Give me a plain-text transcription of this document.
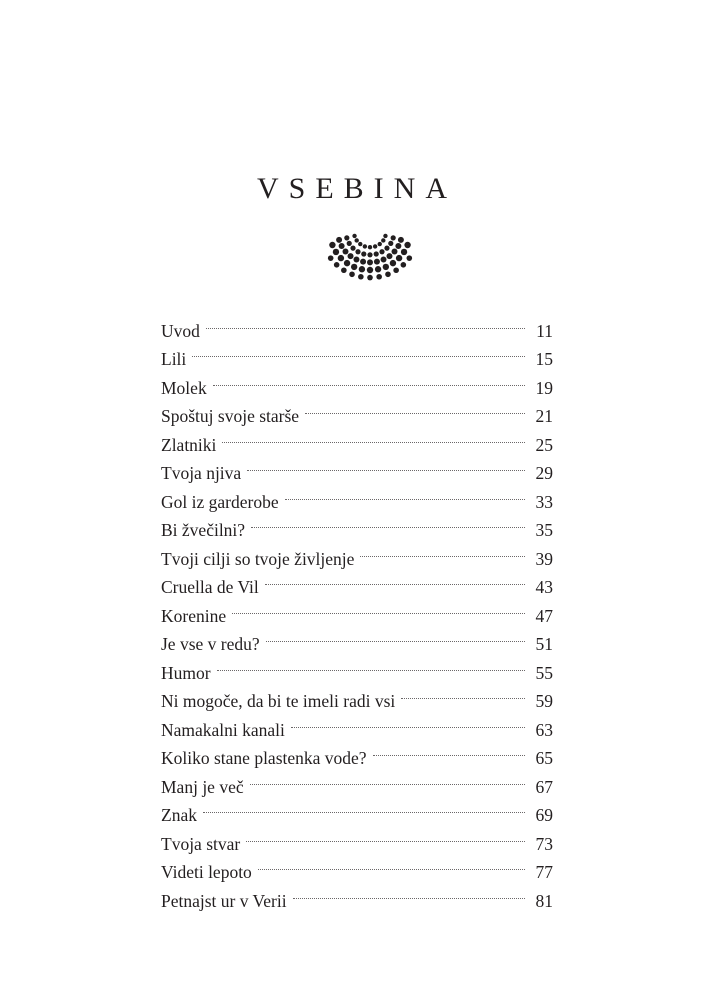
VSEBINA
Uvod	11
Lili	15
Molek	19
Spoštuj svoje starše	21
Zlatniki	25
Tvoja njiva	29
Gol iz garderobe	33
Bi žvečilni?	35
Tvoji cilji so tvoje življenje	39
Cruella de Vil	43
Korenine	47
Je vse v redu?	51
Humor	55
Ni mogoče, da bi te imeli radi vsi	59
Namakalni kanali	63
Koliko stane plastenka vode?	65
Manj je več	67
Znak	69
Tvoja stvar	73
Videti lepoto	77
Petnajst ur v Verii	81
